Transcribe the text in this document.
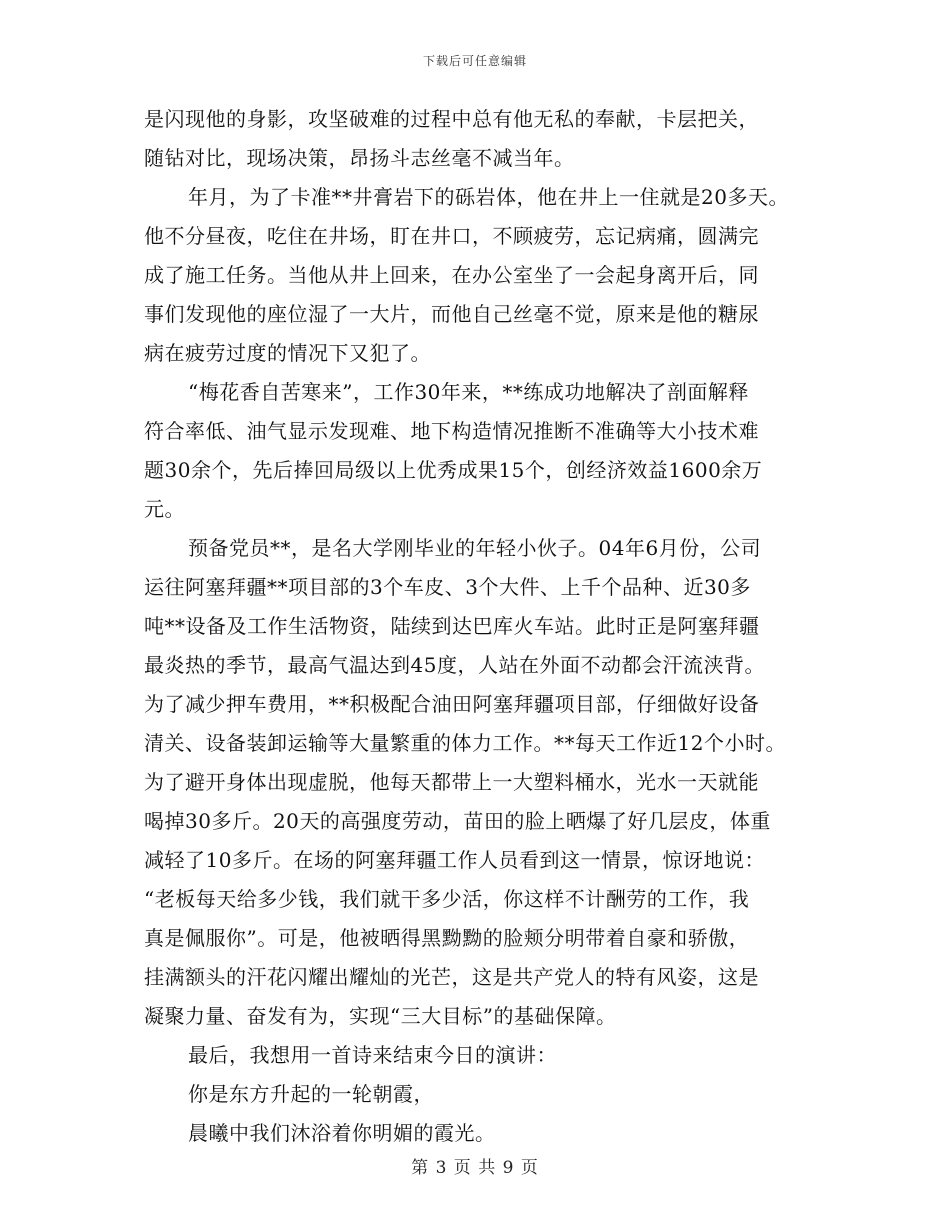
下载后可任意编辑
是闪现他的身影，攻坚破难的过程中总有他无私的奉献，卡层把关，
随钻对比，现场决策，昂扬斗志丝毫不减当年。
年月，为了卡准**井膏岩下的砾岩体，他在井上一住就是20多天。
他不分昼夜，吃住在井场，盯在井口，不顾疲劳，忘记病痛，圆满完
成了施工任务。当他从井上回来，在办公室坐了一会起身离开后，同
事们发现他的座位湿了一大片，而他自己丝毫不觉，原来是他的糖尿
病在疲劳过度的情况下又犯了。
“梅花香自苦寒来”，工作30年来，**练成功地解决了剖面解释
符合率低、油气显示发现难、地下构造情况推断不准确等大小技术难
题30余个，先后捧回局级以上优秀成果15个，创经济效益1600余万
元。
预备党员**，是名大学刚毕业的年轻小伙子。04年6月份，公司
运往阿塞拜疆**项目部的3个车皮、3个大件、上千个品种、近30多
吨**设备及工作生活物资，陆续到达巴库火车站。此时正是阿塞拜疆
最炎热的季节，最高气温达到45度，人站在外面不动都会汗流浃背。
为了减少押车费用，**积极配合油田阿塞拜疆项目部，仔细做好设备
清关、设备装卸运输等大量繁重的体力工作。**每天工作近12个小时。
为了避开身体出现虚脱，他每天都带上一大塑料桶水，光水一天就能
喝掉30多斤。20天的高强度劳动，苗田的脸上晒爆了好几层皮，体重
减轻了10多斤。在场的阿塞拜疆工作人员看到这一情景，惊讶地说：
“老板每天给多少钱，我们就干多少活，你这样不计酬劳的工作，我
真是佩服你”。可是，他被晒得黑黝黝的脸颊分明带着自豪和骄傲，
挂满额头的汗花闪耀出耀灿的光芒，这是共产党人的特有风姿，这是
凝聚力量、奋发有为，实现“三大目标”的基础保障。
最后，我想用一首诗来结束今日的演讲：
你是东方升起的一轮朝霞，
晨曦中我们沐浴着你明媚的霞光。
第 3 页 共 9 页
